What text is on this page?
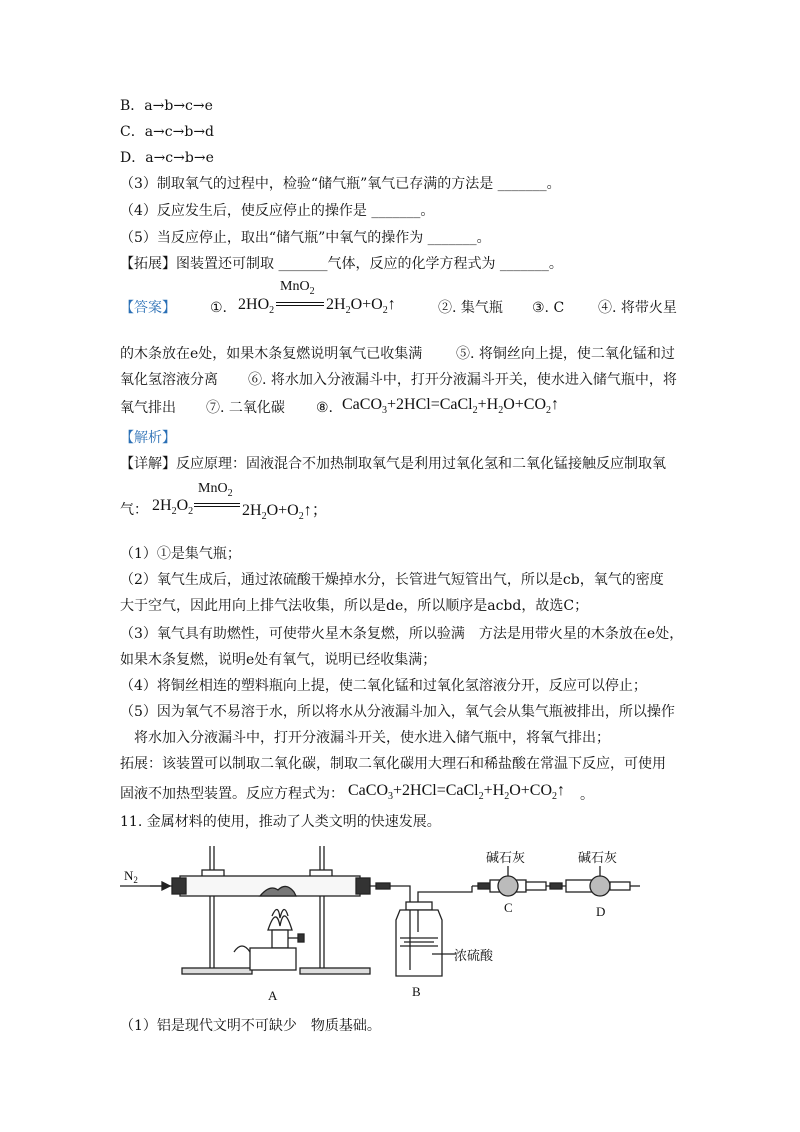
B．a→b→c→e
C．a→c→b→d
D．a→c→b→e
（3）制取氧气的过程中，检验“储气瓶”氧气已存满的方法是 _______。
（4）反应发生后，使反应停止的操作是 _______。
（5）当反应停止，取出“储气瓶”中氧气的操作为 _______。
【拓展】图装置还可制取 _______气体，反应的化学方程式为 _______。
【答案】 ①. $2HO_2$
MnO$_2$
$2H_2O+O_2↑$	②. 集气瓶 ③. C ④. 将带火星
的木条放在e处，如果木条复燃说明氧气已收集满 ⑤. 将铜丝向上提，使二氧化锰和过
氧化氢溶液分离 ⑥. 将水加入分液漏斗中，打开分液漏斗开关，使水进入储气瓶中，将
氧气排出 ⑦. 二氧化碳 ⑧. $CaCO_3+2HCl=CaCl_2+H_2O+CO_2↑$
【解析】
【详解】反应原理：固液混合不加热制取氧气是利用过氧化氢和二氧化锰接触反应制取氧
气： $2H_2O_2$
MnO$_2$
$2H_2O+O_2↑$；
（1）①是集气瓶；
（2）氧气生成后，通过浓硫酸干燥掉水分，长管进气短管出气，所以是cb，氧气的密度
大于空气，因此用向上排气法收集，所以是de，所以顺序是acbd，故选C；
（3）氧气具有助燃性，可使带火星木条复燃，所以验满　方法是用带火星的木条放在e处，
如果木条复燃，说明e处有氧气，说明已经收集满；
（4）将铜丝相连的塑料瓶向上提，使二氧化锰和过氧化氢溶液分开，反应可以停止；
（5）因为氧气不易溶于水，所以将水从分液漏斗加入，氧气会从集气瓶被排出，所以操作
　将水加入分液漏斗中，打开分液漏斗开关，使水进入储气瓶中，将氧气排出；
拓展：该装置可以制取二氧化碳，制取二氧化碳用大理石和稀盐酸在常温下反应，可使用
固液不加热型装置。反应方程式为： $CaCO_3+2HCl=CaCl_2+H_2O+CO_2↑$ 。
11. 金属材料的使用，推动了人类文明的快速发展。
$N_2$
A	B
C	D
碱石灰	碱石灰
浓硫酸
（1）铝是现代文明不可缺少　物质基础。
